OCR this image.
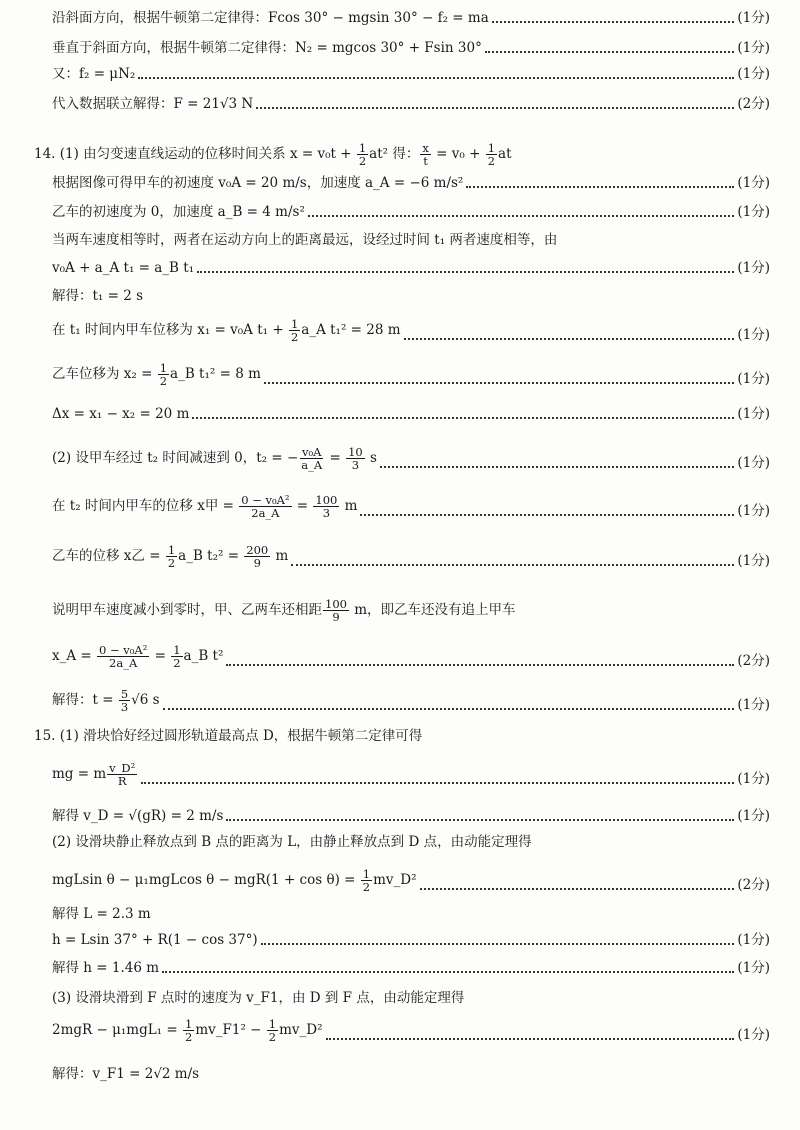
沿斜面方向，根据牛顿第二定律得：Fcos 30° − mgsin 30° − f₂ = ma	(1分)
垂直于斜面方向，根据牛顿第二定律得：N₂ = mgcos 30° + Fsin 30°	(1分)
又：f₂ = μN₂	(1分)
代入数据联立解得：F = 21√3 N	(2分)
14. (1) 由匀变速直线运动的位移时间关系 $x = v_0t + \frac{1}{2} at^2$ 得： $\frac{x}{t} = v_0 + \frac{1}{2}$ at
根据图像可得甲车的初速度 v₀A = 20 m/s，加速度 a_A = −6 m/s²	(1分)
乙车的初速度为 0，加速度 a_B = 4 m/s²	(1分)
当两车速度相等时，两者在运动方向上的距离最远，设经过时间 t₁ 两者速度相等，由
v₀A + a_A t₁ = a_B t₁	(1分)
解得：t₁ = 2 s
在 t₁ 时间内甲车位移为 x₁ = v₀A $t_1 + \frac{1}{2}$ a_A t₁² = 28 m	(1分)
乙车位移为 $x_2 = \frac{1}{2}$ a_B t₁² = 8 m	(1分)
Δx = x₁ − x₂ = 20 m	(1分)
(2) 设甲车经过 t₂ 时间减速到 0，t₂ = − $\frac{\text{v₀A}}{a\_A} = \frac{10}{3}$ s	(1分)
在 t₂ 时间内甲车的位移 x甲 = $\frac{\text{0 − v₀A²}}{2a\_A} = \frac{100}{3}$ m	(1分)
乙车的位移 x乙 = $\frac{1}{2}$ a_B $t_2^2 = \frac{200}{9}$ m	(1分)
说明甲车速度减小到零时，甲、乙两车还相距 $\frac{100}{9}$ m，即乙车还没有追上甲车
x_A = $\frac{\text{0 − v₀A²}}{2a\_A} = \frac{1}{2}$ a_B t²	(2分)
解得：$t = \frac{5}{3} √6$ s	(1分)
15. (1) 滑块恰好经过圆形轨道最高点 D，根据牛顿第二定律可得
mg = m $\frac{\text{v\_D²}}{R}$	(1分)
解得 v_D = √(gR) = 2 m/s	(1分)
(2) 设滑块静止释放点到 B 点的距离为 L，由静止释放点到 D 点，由动能定理得
mgLsin θ − μ₁mgLcos $\theta - mgR(1 + \cos \theta) = \frac{1}{2}$ mv_D²	(2分)
解得 L = 2.3 m
h = Lsin 37° + R(1 − cos 37°)	(1分)
解得 h = 1.46 m	(1分)
(3) 设滑块滑到 F 点时的速度为 v_F1，由 D 到 F 点，由动能定理得
$2mgR - \mu_1mgL_1 = \frac{1}{2}$ mv_F1² − $\frac{1}{2}$ mv_D²	(1分)
解得：v_F1 = 2√2 m/s
